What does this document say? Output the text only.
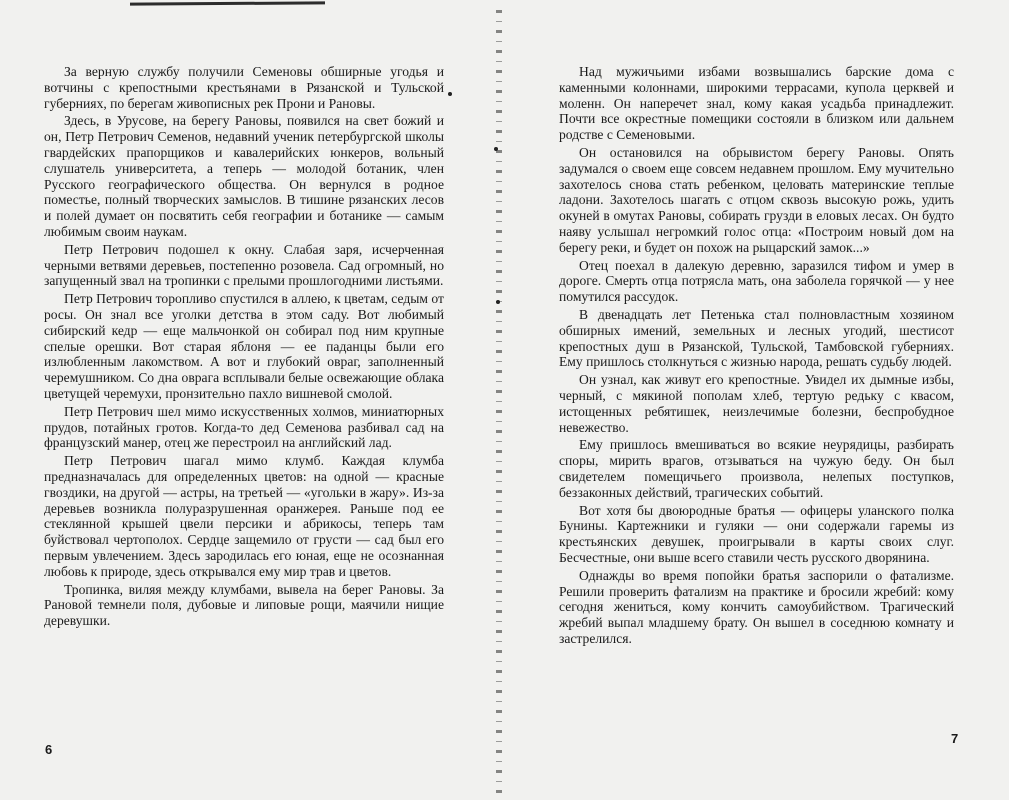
За верную службу получили Семеновы обширные угодья и вотчины с крепостными крестьянами в Рязанской и Тульской губерниях, по берегам живописных рек Прони и Рановы.

Здесь, в Урусове, на берегу Рановы, появился на свет божий и он, Петр Петрович Семенов, недавний ученик петербургской школы гвардейских прапорщиков и кавалерийских юнкеров, вольный слушатель университета, а теперь — молодой ботаник, член Русского географического общества. Он вернулся в родное поместье, полный творческих замыслов. В тишине рязанских лесов и полей думает он посвятить себя географии и ботанике — самым любимым своим наукам.

Петр Петрович подошел к окну. Слабая заря, исчерченная черными ветвями деревьев, постепенно розовела. Сад огромный, но запущенный звал на тропинки с прелыми прошлогодними листьями.

Петр Петрович торопливо спустился в аллею, к цветам, седым от росы. Он знал все уголки детства в этом саду. Вот любимый сибирский кедр — еще мальчонкой он собирал под ним крупные спелые орешки. Вот старая яблоня — ее паданцы были его излюбленным лакомством. А вот и глубокий овраг, заполненный черемушником. Со дна оврага всплывали белые освежающие облака цветущей черемухи, пронзительно пахло вишневой смолой.

Петр Петрович шел мимо искусственных холмов, миниатюрных прудов, потайных гротов. Когда-то дед Семенова разбивал сад на французский манер, отец же перестроил на английский лад.

Петр Петрович шагал мимо клумб. Каждая клумба предназначалась для определенных цветов: на одной — красные гвоздики, на другой — астры, на третьей — «угольки в жару». Из-за деревьев возникла полуразрушенная оранжерея. Раньше под ее стеклянной крышей цвели персики и абрикосы, теперь там буйствовал чертополох. Сердце защемило от грусти — сад был его первым увлечением. Здесь зародилась его юная, еще не осознанная любовь к природе, здесь открывался ему мир трав и цветов.

Тропинка, виляя между клумбами, вывела на берег Рановы. За Рановой темнели поля, дубовые и липовые рощи, маячили нищие деревушки.

6

Над мужичьими избами возвышались барские дома с каменными колоннами, широкими террасами, купола церквей и моленн. Он наперечет знал, кому какая усадьба принадлежит. Почти все окрестные помещики состояли в близком или дальнем родстве с Семеновыми.

Он остановился на обрывистом берегу Рановы. Опять задумался о своем еще совсем недавнем прошлом. Ему мучительно захотелось снова стать ребенком, целовать материнские теплые ладони. Захотелось шагать с отцом сквозь высокую рожь, удить окуней в омутах Рановы, собирать грузди в еловых лесах. Он будто наяву услышал негромкий голос отца: «Построим новый дом на берегу реки, и будет он похож на рыцарский замок...»

Отец поехал в далекую деревню, заразился тифом и умер в дороге. Смерть отца потрясла мать, она заболела горячкой — у нее помутился рассудок.

В двенадцать лет Петенька стал полновластным хозяином обширных имений, земельных и лесных угодий, шестисот крепостных душ в Рязанской, Тульской, Тамбовской губерниях. Ему пришлось столкнуться с жизнью народа, решать судьбу людей.

Он узнал, как живут его крепостные. Увидел их дымные избы, черный, с мякиной пополам хлеб, тертую редьку с квасом, истощенных ребятишек, неизлечимые болезни, беспробудное невежество.

Ему пришлось вмешиваться во всякие неурядицы, разбирать споры, мирить врагов, отзываться на чужую беду. Он был свидетелем помещичьего произвола, нелепых поступков, беззаконных действий, трагических событий.

Вот хотя бы двоюродные братья — офицеры уланского полка Бунины. Картежники и гуляки — они содержали гаремы из крестьянских девушек, проигрывали в карты своих слуг. Бесчестные, они выше всего ставили честь русского дворянина.

Однажды во время попойки братья заспорили о фатализме. Решили проверить фатализм на практике и бросили жребий: кому сегодня жениться, кому кончить самоубийством. Трагический жребий выпал младшему брату. Он вышел в соседнюю комнату и застрелился.

7
